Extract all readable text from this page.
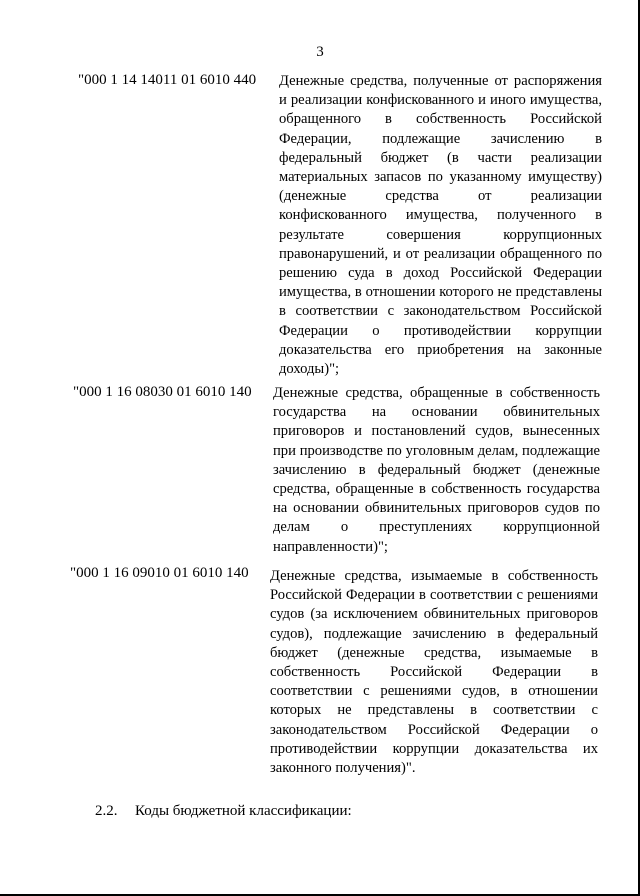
3
"000 1 14 14011 01 6010 440 Денежные средства, полученные от распоряжения и реализации конфискованного и иного имущества, обращенного в собственность Российской Федерации, подлежащие зачислению в федеральный бюджет (в части реализации материальных запасов по указанному имуществу) (денежные средства от реализации конфискованного имущества, полученного в результате совершения коррупционных правонарушений, и от реализации обращенного по решению суда в доход Российской Федерации имущества, в отношении которого не представлены в соответствии с законодательством Российской Федерации о противодействии коррупции доказательства его приобретения на законные доходы)";
"000 1 16 08030 01 6010 140 Денежные средства, обращенные в собственность государства на основании обвинительных приговоров и постановлений судов, вынесенных при производстве по уголовным делам, подлежащие зачислению в федеральный бюджет (денежные средства, обращенные в собственность государства на основании обвинительных приговоров судов по делам о преступлениях коррупционной направленности)";
"000 1 16 09010 01 6010 140 Денежные средства, изымаемые в собственность Российской Федерации в соответствии с решениями судов (за исключением обвинительных приговоров судов), подлежащие зачислению в федеральный бюджет (денежные средства, изымаемые в собственность Российской Федерации в соответствии с решениями судов, в отношении которых не представлены в соответствии с законодательством Российской Федерации о противодействии коррупции доказательства их законного получения)".
2.2. Коды бюджетной классификации:
